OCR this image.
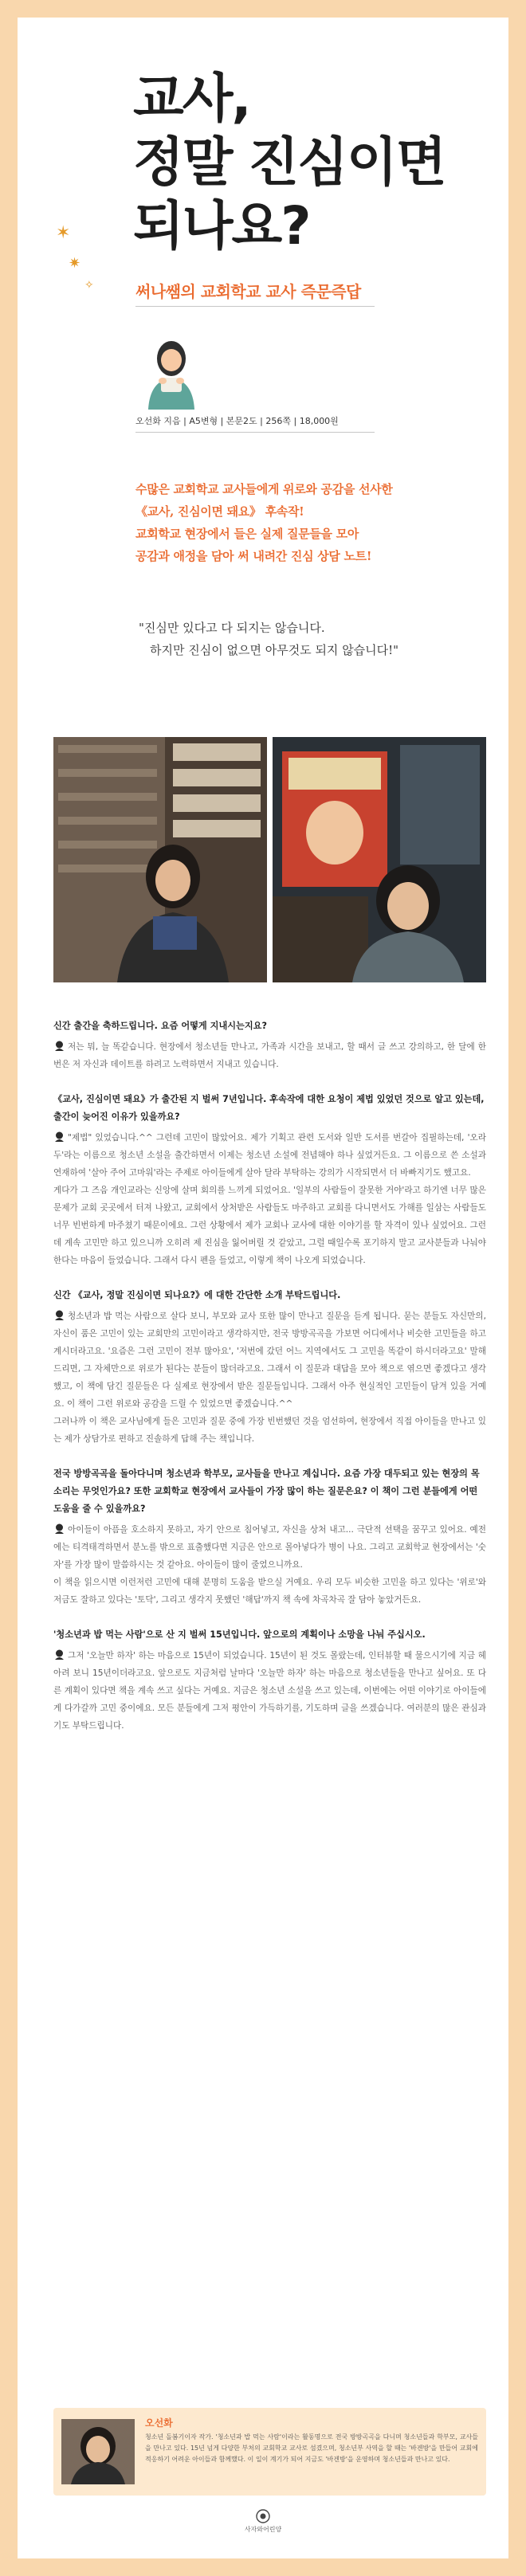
✶
✷
✧
교사,
정말 진심이면
되나요?
써나쌤의 교회학교 교사 즉문즉답
오선화 지음 | A5변형 | 본문2도 | 256쪽 | 18,000원
수많은 교회학교 교사들에게 위로와 공감을 선사한
《교사, 진심이면 돼요》 후속작!
교회학교 현장에서 들은 실제 질문들을 모아
공감과 애정을 담아 써 내려간 진심 상담 노트!
"진심만 있다고 다 되지는 않습니다.
하지만 진심이 없으면 아무것도 되지 않습니다!"
신간 출간을 축하드립니다. 요즘 어떻게 지내시는지요?

저는 뭐, 늘 똑같습니다. 현장에서 청소년들 만나고, 가족과 시간을 보내고, 할 때서 글 쓰고 강의하고, 한 달에 한 번은 저 자신과 데이트를 하려고 노력하면서 지내고 있습니다.

《교사, 진심이면 돼요》가 출간된 지 벌써 7년입니다. 후속작에 대한 요청이 제법 있었던 것으로 알고 있는데, 출간이 늦어진 이유가 있을까요?

"제법" 있었습니다.^^ 그런데 고민이 많았어요. 제가 기획고 관련 도서와 일반 도서를 번갈아 집필하는데, '오라두'라는 이름으로 청소년 소설을 출간하면서 이제는 청소년 소설에 전념해야 하나 싶었거든요. 그 이름으로 쓴 소설과 연재하여 '살아 주어 고마워'라는 주제로 아이들에게 살아 달라 부탁하는 강의가 시작되면서 더 바빠지기도 했고요.

게다가 그 즈음 개인교라는 신앙에 살며 회의를 느끼게 되었어요. '일부의 사람들이 잘못한 거야'라고 하기엔 너무 많은 문제가 교회 곳곳에서 터져 나왔고, 교회에서 상처받은 사람들도 마주하고 교회를 다니면서도 가해를 일삼는 사람들도 너무 빈번하게 마주쳤기 때문이에요. 그런 상황에서 제가 교회나 교사에 대한 이야기를 할 자격이 있나 싶었어요. 그런데 계속 고민만 하고 있으니까 오히려 제 진심을 잃어버릴 것 같았고, 그럴 때일수록 포기하지 말고 교사분들과 나눠야 한다는 마음이 들었습니다. 그래서 다시 펜을 들었고, 이렇게 책이 나오게 되었습니다.

신간 《교사, 정말 진심이면 되나요?》에 대한 간단한 소개 부탁드립니다.

청소년과 밥 먹는 사람으로 살다 보니, 부모와 교사 또한 많이 만나고 질문을 듣게 됩니다. 묻는 분들도 자신만의, 자신이 품은 고민이 있는 교회만의 고민이라고 생각하지만, 전국 방방곡곡을 가보면 어디에서나 비슷한 고민들을 하고 계시더라고요. '요즘은 그런 고민이 전부 많아요', '저번에 갔던 어느 지역에서도 그 고민을 똑같이 하시더라고요' 말해 드리면, 그 자체만으로 위로가 된다는 분들이 많더라고요. 그래서 이 질문과 대답을 모아 책으로 엮으면 좋겠다고 생각했고, 이 책에 담긴 질문들은 다 실제로 현장에서 받은 질문들입니다. 그래서 아주 현실적인 고민들이 담겨 있을 거예요. 이 책이 그런 위로와 공감을 드릴 수 있었으면 좋겠습니다.^^

그러나까 이 책은 교사님에게 들은 고민과 질문 중에 가장 빈번했던 것을 엄선하여, 현장에서 직접 아이들을 만나고 있는 제가 상담가로 편하고 진솔하게 답해 주는 책입니다.

전국 방방곡곡을 돌아다니며 청소년과 학부모, 교사들을 만나고 계십니다. 요즘 가장 대두되고 있는 현장의 목소리는 무엇인가요? 또한 교회학교 현장에서 교사들이 가장 많이 하는 질문은요? 이 책이 그런 분들에게 어떤 도움을 줄 수 있을까요?

아이들이 아픔을 호소하지 못하고, 자기 안으로 침어넣고, 자신을 상처 내고... 극단적 선택을 꿈꾸고 있어요. 예전에는 티격태격하면서 분노를 밖으로 표출했다면 지금은 안으로 몰아넣다가 병이 나요. 그리고 교회학교 현장에서는 '숫자'를 가장 많이 말씀하시는 것 같아요. 아이들이 많이 줄었으니까요.

이 책을 읽으시면 이런저런 고민에 대해 분명히 도움을 받으실 거예요. 우리 모두 비슷한 고민을 하고 있다는 '위로'와 저금도 잘하고 있다는 '토닥', 그리고 생각지 못했던 '해답'까지 책 속에 차곡차곡 잘 담아 놓았거든요.

'청소년과 밥 먹는 사람'으로 산 지 벌써 15년입니다. 앞으로의 계획이나 소망을 나눠 주십시오.

그저 '오늘만 하자' 하는 마음으로 15년이 되었습니다. 15년이 된 것도 몰랐는데, 인터뷰할 때 물으시기에 지금 헤아려 보니 15년이더라고요. 앞으로도 지금처럼 날마다 '오늘만 하자' 하는 마음으로 청소년들을 만나고 싶어요. 또 다른 계획이 있다면 책을 계속 쓰고 싶다는 거예요. 지금은 청소년 소설을 쓰고 있는데, 이번에는 어떤 이야기로 아이들에게 다가갈까 고민 중이에요. 모든 분들에게 그저 평안이 가득하기를, 기도하며 글을 쓰겠습니다. 여러분의 많은 관심과 기도 부탁드립니다.

오선화
청소년 돌봄기이자 작가. '청소년과 밥 먹는 사람'이라는 활동명으로 전국 방방곡곡을 다니며 청소년들과 학부모, 교사들을 만나고 있다. 15년 넘게 다양한 부처의 교회학교 교사로 섬겼으며, 청소년부 사역을 할 때는 '바겐방'을 만들어 교회에 적응하기 어려운 아이들과 함께했다. 이 일이 계기가 되어 지금도 '바겐방'을 운영하며 청소년들과 만나고 있다.
사자와어린양
